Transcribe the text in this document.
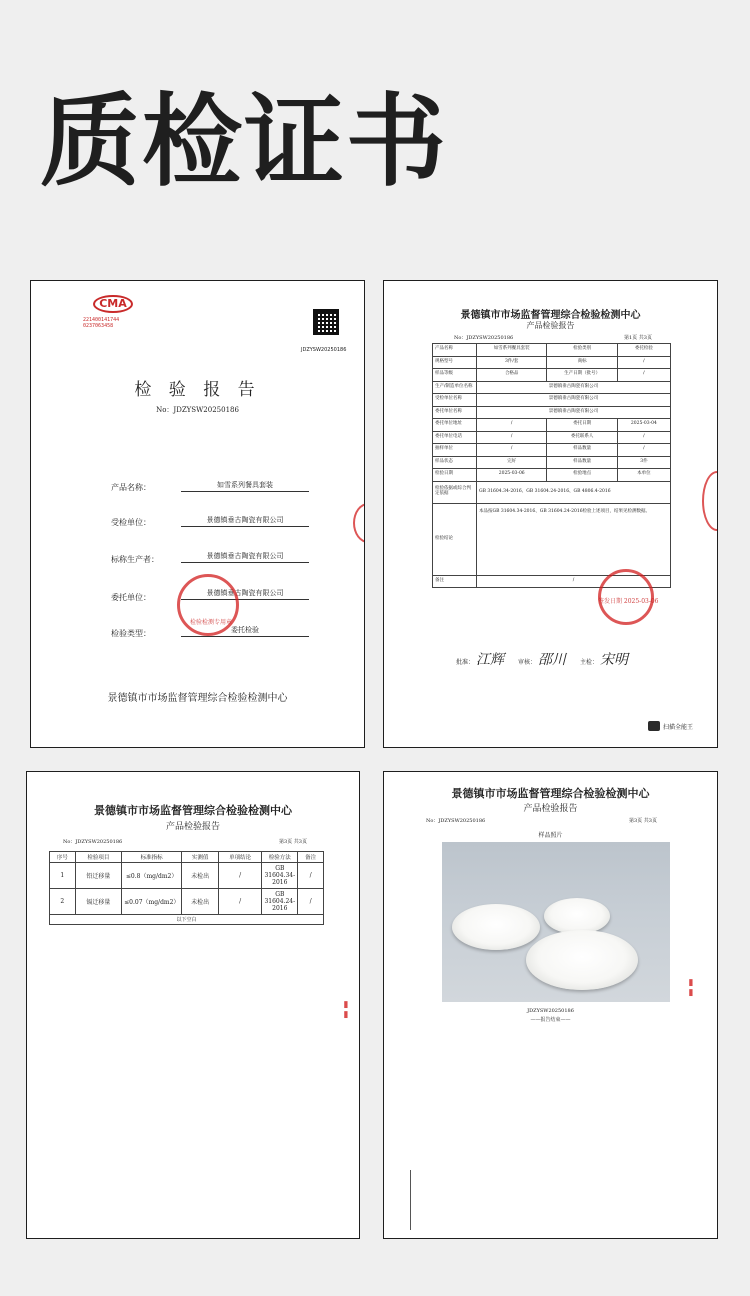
质检证书
CMA
221400141744
0237063458
JDZYSW20250186
检 验 报 告
No：JDZYSW20250186
产品名称：	如雪系列餐具套装
受检单位：	景德镇垂古陶瓷有限公司
标称生产者：	景德镇垂古陶瓷有限公司
委托单位：	景德镇垂古陶瓷有限公司
检验类型：	委托检验
检验检测专用章
景德镇市市场监督管理综合检验检测中心
景德镇市市场监督管理综合检验检测中心
产品检验报告
No：JDZYSW20250186	第1页 共3页
产品名称	如雪系列餐具套装	检验类别	委托检验
规格型号	3件/套	商标	/
样品等级	合格品	生产日期（批号）	/
生产/制造单位名称	景德镇垂古陶瓷有限公司		
受检单位名称	景德镇垂古陶瓷有限公司		
委托单位名称	景德镇垂古陶瓷有限公司		
委托单位地址	/	委托日期	2025-03-04
委托单位电话	/	委托联系人	/
抽样单位	/	样品数量	/
样品状态	完好	样品数量	3件
检验日期	2025-03-06	检验地点	本单位
检验依据或综合判定依据	GB 31604.34-2016、GB 31604.24-2016、GB 4806.4-2016		
检验结论	本品按GB 31604.34-2016、GB 31604.24-2016检验上述项目，结果见检测数据。		
备注	/		
签发日期 2025-03-06
批准： 江辉 审核： 邵川 主检： 宋明
扫描全能王
景德镇市市场监督管理综合检验检测中心
产品检验报告
No：JDZYSW20250186	第3页 共3页
序号	检验项目	标准指标	实测值	单项结论	检验方法	备注
1	铅迁移量	≤0.8（mg/dm2）	未检出	/	GB 31604.34-2016	/
2	镉迁移量	≤0.07（mg/dm2）	未检出	/	GB 31604.24-2016	/
以下空白						
▮▮
景德镇市市场监督管理综合检验检测中心
产品检验报告
No：JDZYSW20250186	第3页 共3页
样品照片
JDZYSW20250186
——报告结束——
▮▮
